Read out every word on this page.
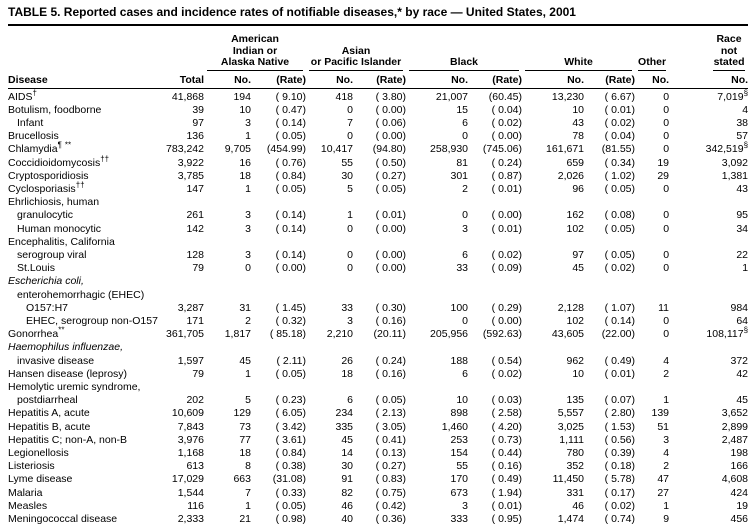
TABLE 5. Reported cases and incidence rates of notifiable diseases,* by race — United States, 2001

		American
Indian or
Alaska Native		Asian
or Pacific Islander		Black		White		Other	Race
not
stated

Disease	Total	No.	(Rate)	No.	(Rate)	No.	(Rate)	No.	(Rate)	No.	No.
AIDS†	41,868	194	( 9.10)	418	( 3.80)	21,007	(60.45)	13,230	( 6.67)	0	7,019§
Botulism, foodborne	39	10	( 0.47)	0	( 0.00)	15	( 0.04)	10	( 0.01)	0	4
Infant	97	3	( 0.14)	7	( 0.06)	6	( 0.02)	43	( 0.02)	0	38
Brucellosis	136	1	( 0.05)	0	( 0.00)	0	( 0.00)	78	( 0.04)	0	57
Chlamydia¶ **	783,242	9,705	(454.99)	10,417	(94.80)	258,930	(745.06)	161,671	(81.55)	0	342,519§
Coccidioidomycosis††	3,922	16	( 0.76)	55	( 0.50)	81	( 0.24)	659	( 0.34)	19	3,092
Cryptosporidiosis	3,785	18	( 0.84)	30	( 0.27)	301	( 0.87)	2,026	( 1.02)	29	1,381
Cyclosporiasis††	147	1	( 0.05)	5	( 0.05)	2	( 0.01)	96	( 0.05)	0	43
Ehrlichiosis, human											
granulocytic	261	3	( 0.14)	1	( 0.01)	0	( 0.00)	162	( 0.08)	0	95
Human monocytic	142	3	( 0.14)	0	( 0.00)	3	( 0.01)	102	( 0.05)	0	34
Encephalitis, California											
serogroup viral	128	3	( 0.14)	0	( 0.00)	6	( 0.02)	97	( 0.05)	0	22
St.Louis	79	0	( 0.00)	0	( 0.00)	33	( 0.09)	45	( 0.02)	0	1
Escherichia coli,											
enterohemorrhagic (EHEC)											
O157:H7	3,287	31	( 1.45)	33	( 0.30)	100	( 0.29)	2,128	( 1.07)	11	984
EHEC, serogroup non-O157	171	2	( 0.32)	3	( 0.16)	0	( 0.00)	102	( 0.14)	0	64
Gonorrhea**	361,705	1,817	( 85.18)	2,210	(20.11)	205,956	(592.63)	43,605	(22.00)	0	108,117§
Haemophilus influenzae,											
invasive disease	1,597	45	( 2.11)	26	( 0.24)	188	( 0.54)	962	( 0.49)	4	372
Hansen disease (leprosy)	79	1	( 0.05)	18	( 0.16)	6	( 0.02)	10	( 0.01)	2	42
Hemolytic uremic syndrome,											
postdiarrheal	202	5	( 0.23)	6	( 0.05)	10	( 0.03)	135	( 0.07)	1	45
Hepatitis A, acute	10,609	129	( 6.05)	234	( 2.13)	898	( 2.58)	5,557	( 2.80)	139	3,652
Hepatitis B, acute	7,843	73	( 3.42)	335	( 3.05)	1,460	( 4.20)	3,025	( 1.53)	51	2,899
Hepatitis C; non-A, non-B	3,976	77	( 3.61)	45	( 0.41)	253	( 0.73)	1,111	( 0.56)	3	2,487
Legionellosis	1,168	18	( 0.84)	14	( 0.13)	154	( 0.44)	780	( 0.39)	4	198
Listeriosis	613	8	( 0.38)	30	( 0.27)	55	( 0.16)	352	( 0.18)	2	166
Lyme disease	17,029	663	(31.08)	91	( 0.83)	170	( 0.49)	11,450	( 5.78)	47	4,608
Malaria	1,544	7	( 0.33)	82	( 0.75)	673	( 1.94)	331	( 0.17)	27	424
Measles	116	1	( 0.05)	46	( 0.42)	3	( 0.01)	46	( 0.02)	1	19
Meningococcal disease	2,333	21	( 0.98)	40	( 0.36)	333	( 0.95)	1,474	( 0.74)	9	456
